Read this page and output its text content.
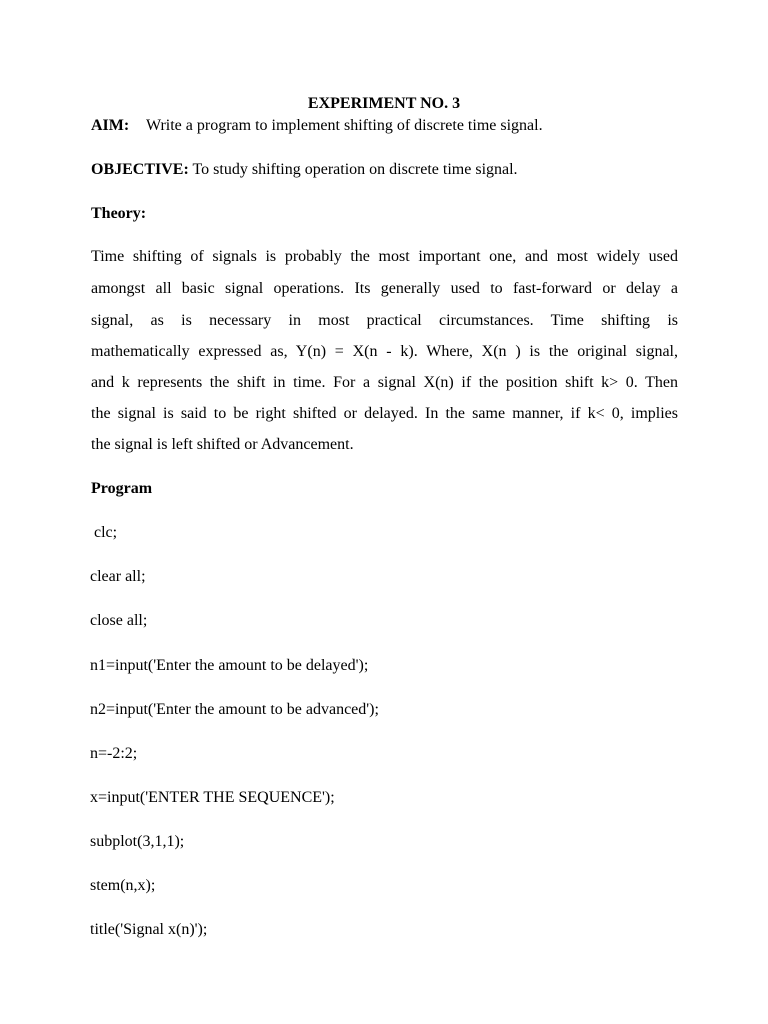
EXPERIMENT NO. 3
AIM: Write a program to implement shifting of discrete time signal.
OBJECTIVE: To study shifting operation on discrete time signal.
Theory:
Time shifting of signals is probably the most important one, and most widely used
amongst all basic signal operations. Its generally used to fast-forward or delay a
signal, as is necessary in most practical circumstances. Time shifting is
mathematically expressed as, Y(n) = X(n - k). Where, X(n ) is the original signal,
and k represents the shift in time. For a signal X(n) if the position shift k> 0. Then
the signal is said to be right shifted or delayed. In the same manner, if k< 0, implies
the signal is left shifted or Advancement.
Program
clc;
clear all;
close all;
n1=input('Enter the amount to be delayed');
n2=input('Enter the amount to be advanced');
n=-2:2;
x=input('ENTER THE SEQUENCE');
subplot(3,1,1);
stem(n,x);
title('Signal x(n)');
